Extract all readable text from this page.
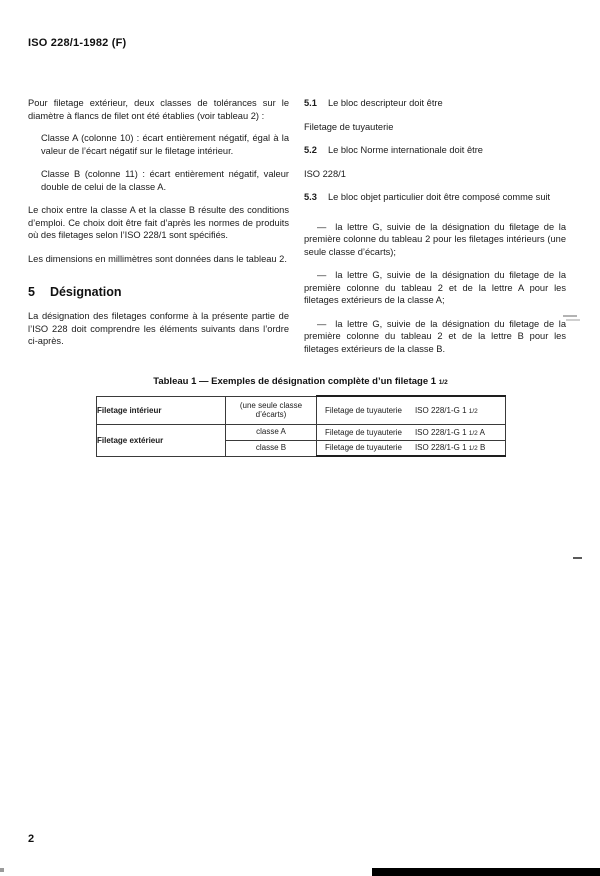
ISO 228/1-1982 (F)

Pour filetage extérieur, deux classes de tolérances sur le diamètre à flancs de filet ont été établies (voir tableau 2) :

Classe A (colonne 10) : écart entièrement négatif, égal à la valeur de l’écart négatif sur le filetage intérieur.

Classe B (colonne 11) : écart entièrement négatif, valeur double de celui de la classe A.

Le choix entre la classe A et la classe B résulte des conditions d’emploi. Ce choix doit être fait d’après les normes de produits où des filetages selon l’ISO 228/1 sont spécifiés.

Les dimensions en millimètres sont données dans le tableau 2.

5 Désignation

La désignation des filetages conforme à la présente partie de l’ISO 228 doit comprendre les éléments suivants dans l’ordre ci-après.

5.1 Le bloc descripteur doit être

Filetage de tuyauterie

5.2 Le bloc Norme internationale doit être

ISO 228/1

5.3 Le bloc objet particulier doit être composé comme suit

— la lettre G, suivie de la désignation du filetage de la première colonne du tableau 2 pour les filetages intérieurs (une seule classe d’écarts);

— la lettre G, suivie de la désignation du filetage de la première colonne du tableau 2 et de la lettre A pour les filetages extérieurs de la classe A;

— la lettre G, suivie de la désignation du filetage de la première colonne du tableau 2 et de la lettre B pour les filetages extérieurs de la classe B.

Tableau 1 — Exemples de désignation complète d’un filetage 1 1/2
Filetage intérieur	(une seule classe d’écarts)	Filetage de tuyauterie ISO 228/1-G 1 1/2

Filetage extérieur	classe A	Filetage de tuyauterie ISO 228/1-G 1 1/2 A

	classe B	Filetage de tuyauterie ISO 228/1-G 1 1/2 B
2
